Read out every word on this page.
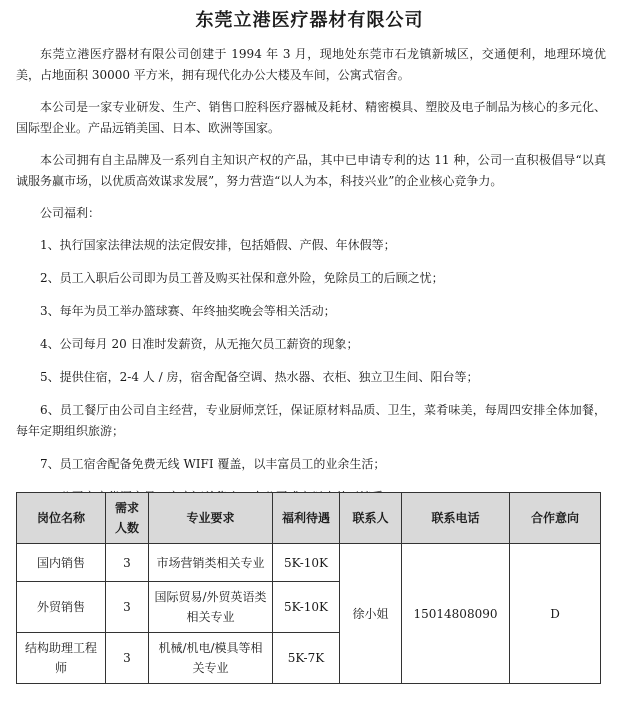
东莞立港医疗器材有限公司

东莞立港医疗器材有限公司创建于 1994 年 3 月，现地处东莞市石龙镇新城区，交通便利，地理环境优美，占地面积 30000 平方米，拥有现代化办公大楼及车间，公寓式宿舍。

本公司是一家专业研发、生产、销售口腔科医疗器械及耗材、精密模具、塑胶及电子制品为核心的多元化、国际型企业。产品远销美国、日本、欧洲等国家。

本公司拥有自主品牌及一系列自主知识产权的产品，其中已申请专利的达 11 种，公司一直积极倡导“以真诚服务赢市场，以优质高效谋求发展”，努力营造“以人为本，科技兴业”的企业核心竞争力。

公司福利：

1、执行国家法律法规的法定假安排，包括婚假、产假、年休假等；

2、员工入职后公司即为员工普及购买社保和意外险，免除员工的后顾之忧；

3、每年为员工举办篮球赛、年终抽奖晚会等相关活动；

4、公司每月 20 日准时发薪资，从无拖欠员工薪资的现象；

5、提供住宿，2-4 人 / 房，宿舍配备空调、热水器、衣柜、独立卫生间、阳台等；

6、员工餐厅由公司自主经营，专业厨师烹饪，保证原材料品质、卫生，菜肴味美，每周四安排全体加餐，每年定期组织旅游；

7、员工宿舍配备免费无线 WIFI 覆盖，以丰富员工的业余生活；

岗位名称	需求人数	专业要求	福利待遇	联系人	联系电话	合作意向
国内销售	3	市场营销类相关专业	5K-10K	徐小姐	15014808090	D
外贸销售	3	国际贸易/外贸英语类相关专业	5K-10K			
结构助理工程师	3	机械/机电/模具等相关专业	5K-7K			
